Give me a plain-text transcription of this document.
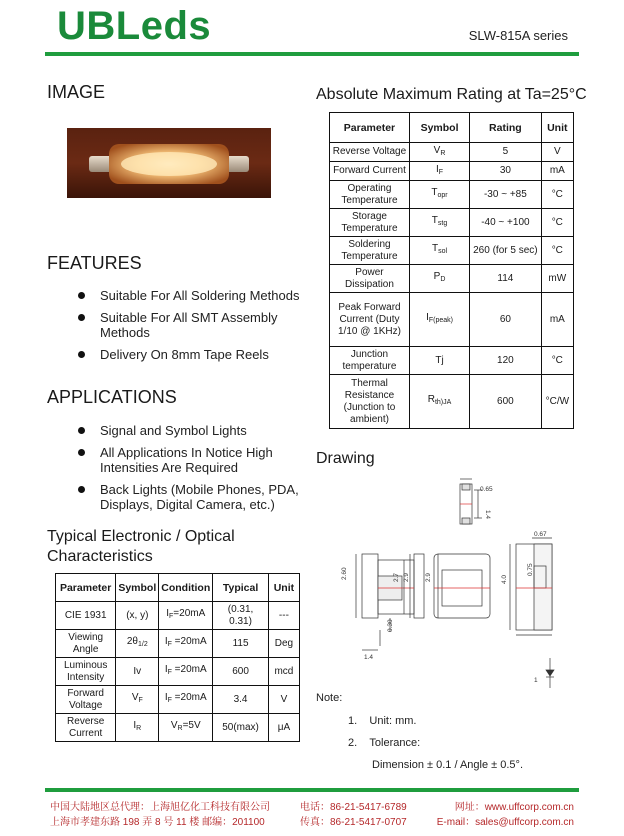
UBLeds	SLW-815A series
IMAGE
FEATURES
Suitable For All Soldering Methods
Suitable For All SMT Assembly Methods
Delivery On 8mm Tape Reels
APPLICATIONS
Signal and Symbol Lights
All Applications In Notice High Intensities Are Required
Back Lights (Mobile Phones, PDA, Displays, Digital Camera, etc.)
Typical Electronic / Optical
Characteristics
Parameter	Symbol	Condition	Typical	Unit
CIE 1931	(x, y)	$I_F=20mA$	(0.31, 0.31)	---
Viewing Angle	$2\theta_{1/2}$	$I_F =20mA$	115	Deg
Luminous Intensity	Iv	$I_F =20mA$	600	mcd
Forward Voltage	$V_F$	$I_F =20mA$	3.4	V
Reverse Current	$I_R$	$V_R=5V$	50(max)	μA
Absolute Maximum Rating at Ta=25°C
Parameter	Symbol	Rating	Unit
Reverse Voltage	$V_R$	5	V
Forward Current	$I_F$	30	mA
Operating Temperature	$T_{opr}$	-30 ~ +85	°C
Storage Temperature	$T_{stg}$	-40 ~ +100	°C
Soldering Temperature	$T_{sol}$	260 (for 5 sec)	°C
Power Dissipation	$P_D$	114	mW
Peak Forward Current (Duty 1/10 @ 1KHz)	$I_{F(peak)}$	60	mA
Junction temperature	Tj	120	°C
Thermal Resistance (Junction to ambient)	$R_{th)JA}$	600	°C/W
Drawing
0.65
1.4
2.60	2.7 2.9
0.30
1.4
2.9
0.67
4.0
0.75
1
Note:
1. Unit: mm.
2. Tolerance:
Dimension ± 0.1 / Angle ± 0.5°.
中国大陆地区总代理：上海旭亿化工科技有限公司
上海市孝建东路 198 弄 8 号 11 楼 邮编：201100
电话：86-21-5417-6789
传真：86-21-5417-0707
网址：www.uffcorp.com.cn
E-mail：sales@uffcorp.com.cn
